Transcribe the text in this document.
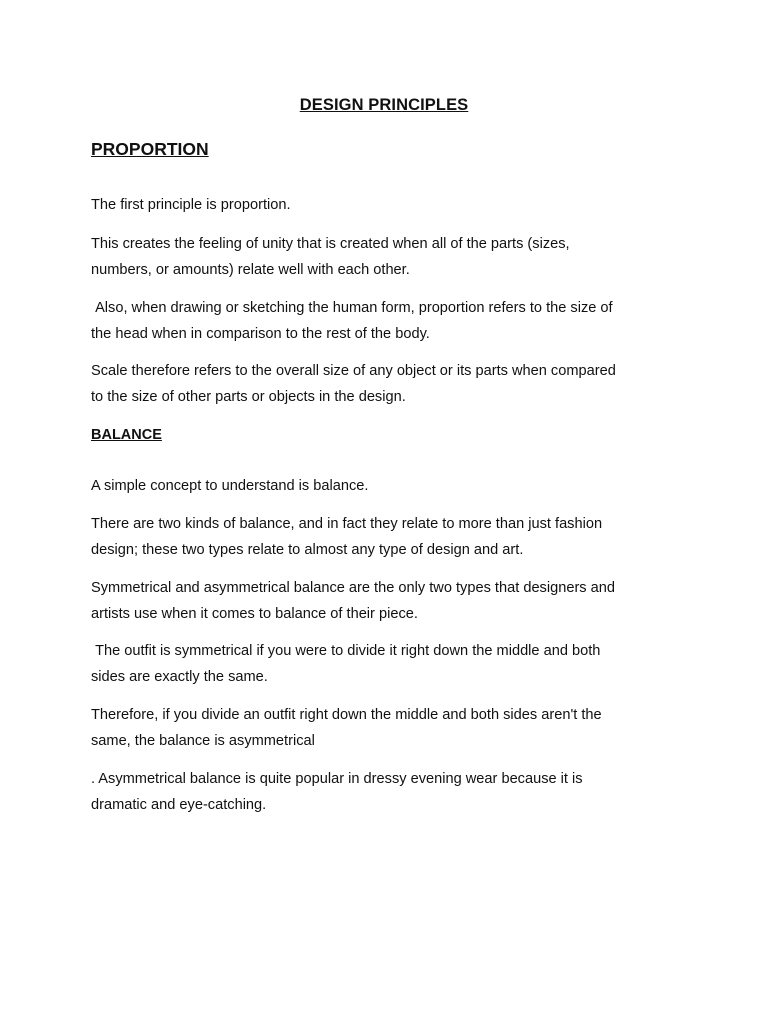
DESIGN PRINCIPLES
PROPORTION

The first principle is proportion.

This creates the feeling of unity that is created when all of the parts (sizes,
numbers, or amounts) relate well with each other.

Also, when drawing or sketching the human form, proportion refers to the size of
the head when in comparison to the rest of the body.

Scale therefore refers to the overall size of any object or its parts when compared
to the size of other parts or objects in the design.

BALANCE

A simple concept to understand is balance.

There are two kinds of balance, and in fact they relate to more than just fashion
design; these two types relate to almost any type of design and art.

Symmetrical and asymmetrical balance are the only two types that designers and
artists use when it comes to balance of their piece.

The outfit is symmetrical if you were to divide it right down the middle and both
sides are exactly the same.

Therefore, if you divide an outfit right down the middle and both sides aren't the
same, the balance is asymmetrical

. Asymmetrical balance is quite popular in dressy evening wear because it is
dramatic and eye-catching.
